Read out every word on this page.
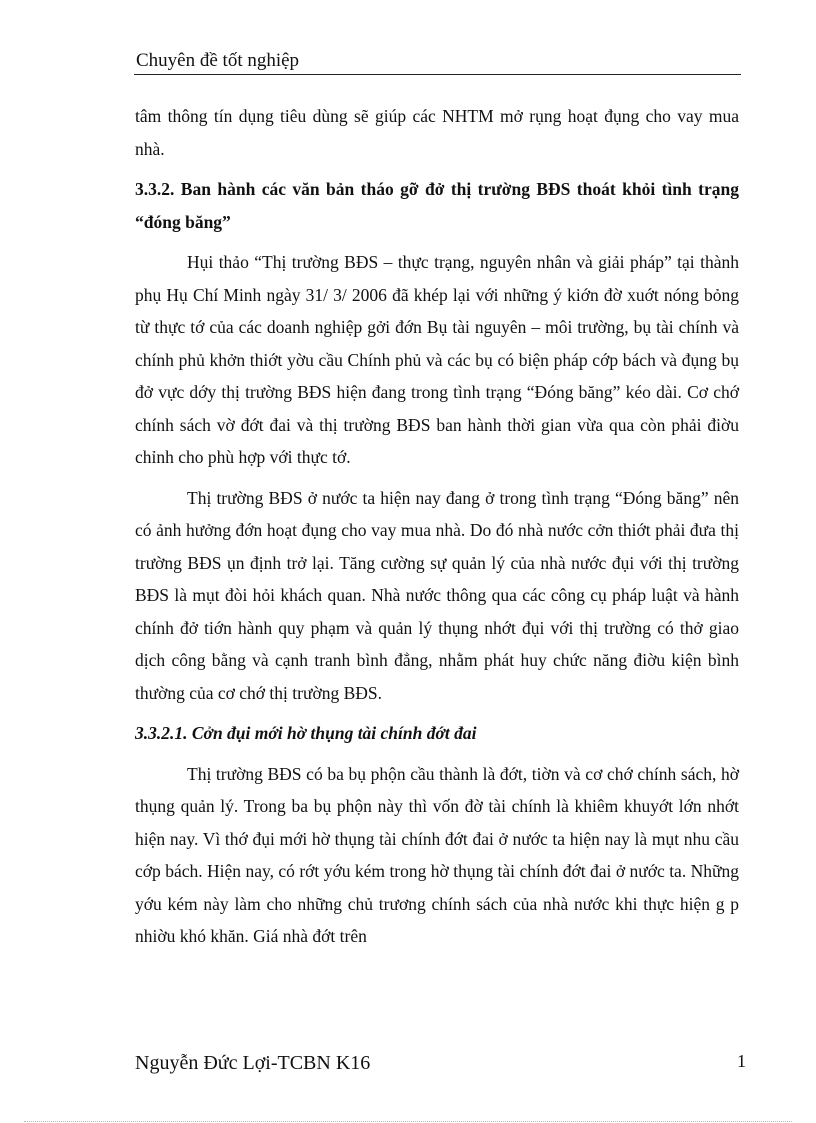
Chuyên đề tốt nghiệp

tâm thông tín dụng tiêu dùng sẽ giúp các NHTM mở rụng hoạt đụng cho vay mua nhà.

3.3.2. Ban hành các văn bản tháo gỡ đở thị trường BĐS thoát khỏi tình trạng “đóng băng”

Hụi thảo “Thị trường BĐS – thực trạng, nguyên nhân và giải pháp” tại thành phụ Hụ Chí Minh ngày 31/ 3/ 2006 đã khép lại với những ý kiớn đờ xuớt nóng bỏng từ thực tớ của các doanh nghiệp gởi đớn Bụ tài nguyên – môi trường, bụ tài chính và chính phủ khởn thiớt yờu cầu Chính phủ và các bụ có biện pháp cớp bách và đụng bụ đở vực dớy thị trường BĐS hiện đang trong tình trạng “Đóng băng” kéo dài. Cơ chớ chính sách vờ đớt đai và thị trường BĐS ban hành thời gian vừa qua còn phải điờu chỉnh cho phù hợp với thực tớ.

Thị trường BĐS ở nước ta hiện nay đang ở trong tình trạng “Đóng băng” nên có ảnh hưởng đớn hoạt đụng cho vay mua nhà. Do đó nhà nước cởn thiớt phải đưa thị trường BĐS ụn định trở lại. Tăng cường sự quản lý của nhà nước đụi với thị trường BĐS là mụt đòi hỏi khách quan. Nhà nước thông qua các công cụ pháp luật và hành chính đở tiớn hành quy phạm và quản lý thụng nhớt đụi với thị trường có thở giao dịch công bằng và cạnh tranh bình đẳng, nhằm phát huy chức năng điờu kiện bình thường của cơ chớ thị trường BĐS.

3.3.2.1. Cởn đụi mới hờ thụng tài chính đớt đai

Thị trường BĐS có ba bụ phộn cầu thành là đớt, tiờn và cơ chớ chính sách, hờ thụng quản lý. Trong ba bụ phộn này thì vốn đờ tài chính là khiêm khuyớt lớn nhớt hiện nay. Vì thớ đụi mới hờ thụng tài chính đớt đai ở nước ta hiện nay là mụt nhu cầu cớp bách. Hiện nay, có rớt yớu kém trong hờ thụng tài chính đớt đai ở nước ta. Những yớu kém này làm cho những chủ trương chính sách của nhà nước khi thực hiện g p nhiờu khó khăn. Giá nhà đớt trên

Nguyễn Đức Lợi-TCBN K16	1
